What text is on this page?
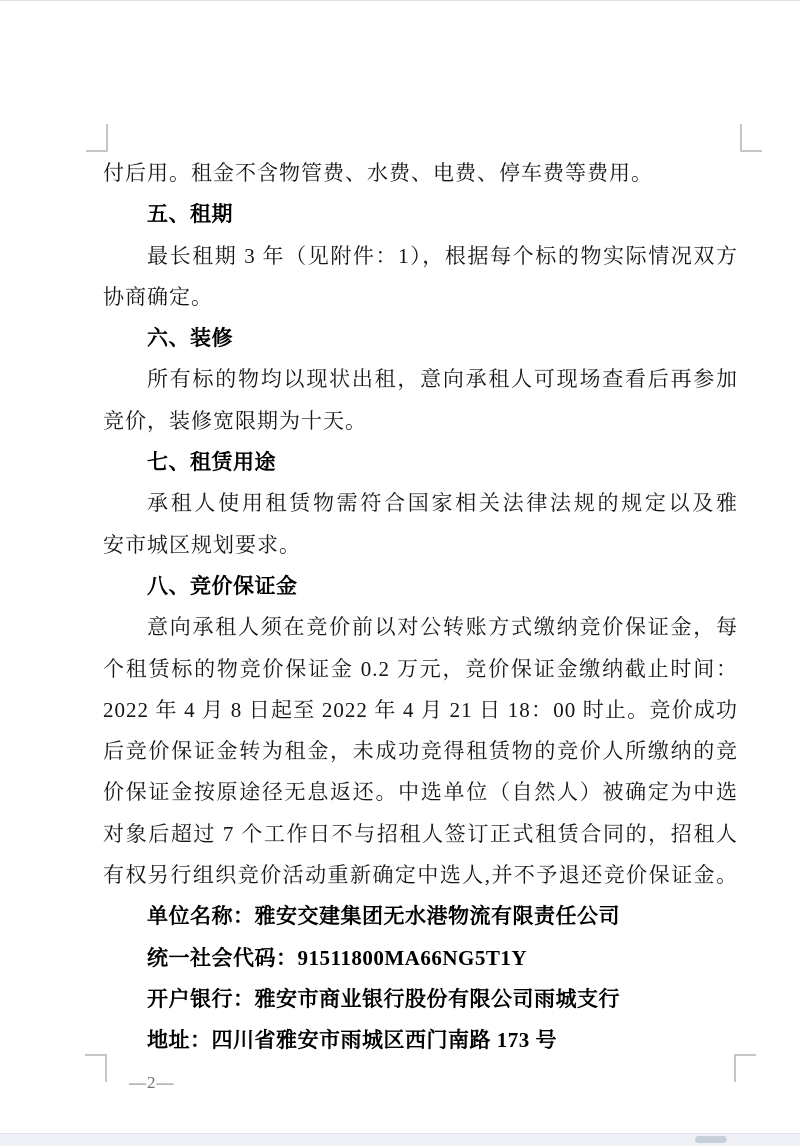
付后用。租金不含物管费、水费、电费、停车费等费用。
五、租期
最长租期 3 年（见附件：1），根据每个标的物实际情况双方
协商确定。
六、装修
所有标的物均以现状出租，意向承租人可现场查看后再参加
竞价，装修宽限期为十天。
七、租赁用途
承租人使用租赁物需符合国家相关法律法规的规定以及雅
安市城区规划要求。
八、竞价保证金
意向承租人须在竞价前以对公转账方式缴纳竞价保证金，每
个租赁标的物竞价保证金 0.2 万元，竞价保证金缴纳截止时间：
2022 年 4 月 8 日起至 2022 年 4 月 21 日 18：00 时止。竞价成功
后竞价保证金转为租金，未成功竞得租赁物的竞价人所缴纳的竞
价保证金按原途径无息返还。中选单位（自然人）被确定为中选
对象后超过 7 个工作日不与招租人签订正式租赁合同的，招租人
有权另行组织竞价活动重新确定中选人,并不予退还竞价保证金。
单位名称：雅安交建集团无水港物流有限责任公司
统一社会代码：91511800MA66NG5T1Y
开户银行：雅安市商业银行股份有限公司雨城支行
地址：四川省雅安市雨城区西门南路 173 号
—2—
